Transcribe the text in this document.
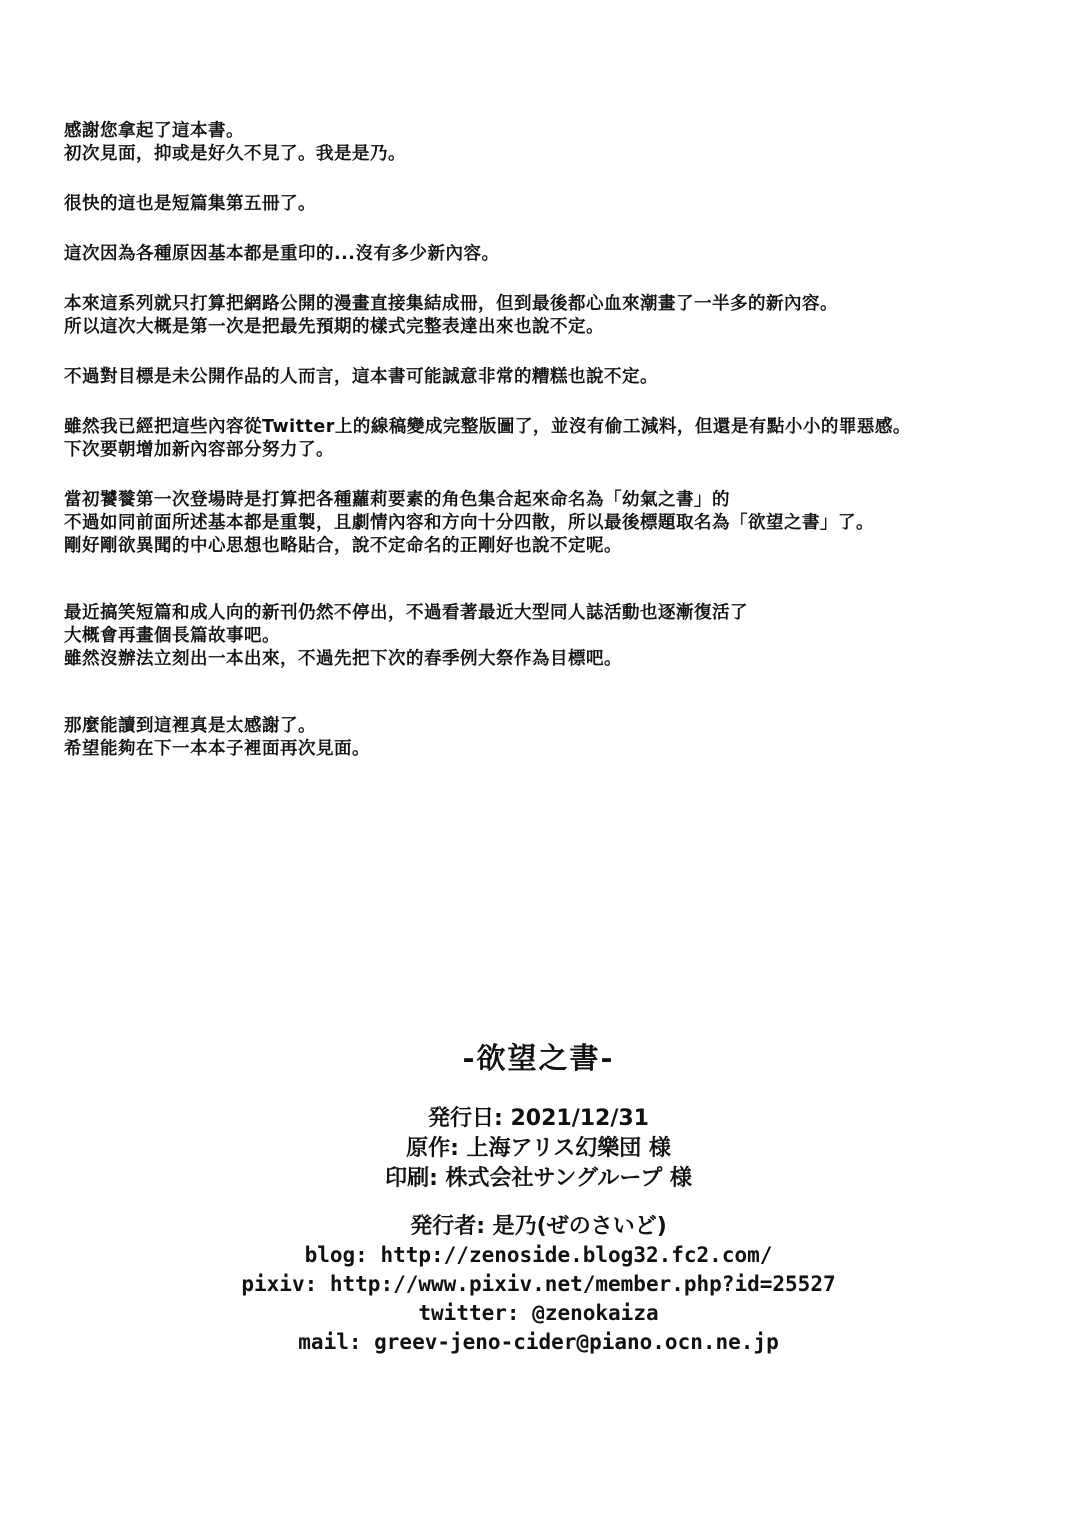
感謝您拿起了這本書。
初次見面，抑或是好久不見了。我是是乃。

很快的這也是短篇集第五冊了。

這次因為各種原因基本都是重印的...沒有多少新內容。

本來這系列就只打算把網路公開的漫畫直接集結成冊，但到最後都心血來潮畫了一半多的新內容。
所以這次大概是第一次是把最先預期的樣式完整表達出來也說不定。

不過對目標是未公開作品的人而言，這本書可能誠意非常的糟糕也說不定。

雖然我已經把這些內容從Twitter上的線稿變成完整版圖了，並沒有偷工減料，但還是有點小小的罪惡感。
下次要朝增加新內容部分努力了。

當初饕餮第一次登場時是打算把各種蘿莉要素的角色集合起來命名為「幼氣之書」的
不過如同前面所述基本都是重製，且劇情內容和方向十分四散，所以最後標題取名為「欲望之書」了。
剛好剛欲異聞的中心思想也略貼合，說不定命名的正剛好也說不定呢。

最近搞笑短篇和成人向的新刊仍然不停出，不過看著最近大型同人誌活動也逐漸復活了
大概會再畫個長篇故事吧。
雖然沒辦法立刻出一本出來，不過先把下次的春季例大祭作為目標吧。

那麼能讀到這裡真是太感謝了。
希望能夠在下一本本子裡面再次見面。

-欲望之書-
発行日: 2021/12/31
原作: 上海アリス幻樂団 様
印刷: 株式会社サングループ 様
発行者: 是乃(ぜのさいど)
blog: http://zenoside.blog32.fc2.com/
pixiv: http://www.pixiv.net/member.php?id=25527
twitter: @zenokaiza
mail: greev-jeno-cider@piano.ocn.ne.jp
